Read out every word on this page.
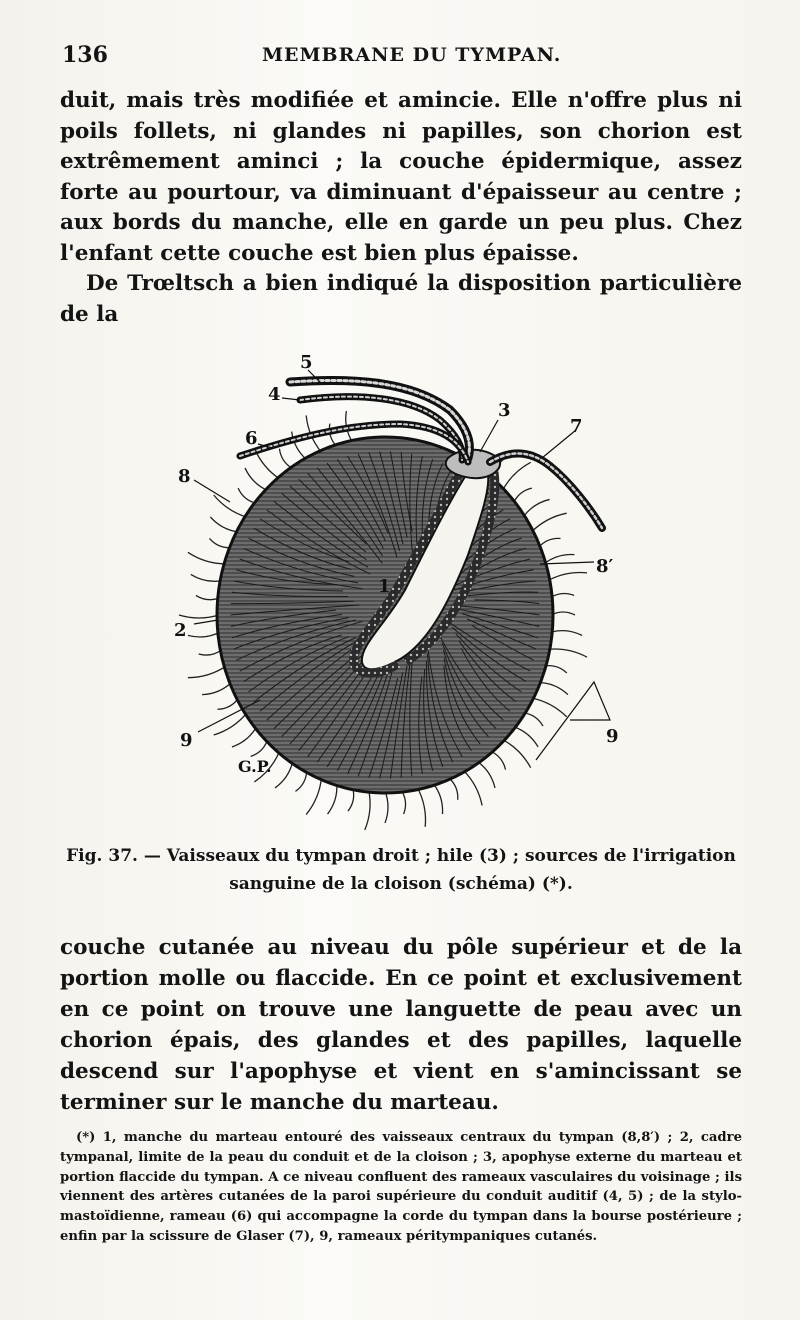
136	MEMBRANE DU TYMPAN.

duit, mais très modifiée et amincie. Elle n'offre plus ni poils follets, ni glandes ni papilles, son chorion est extrêmement aminci ; la couche épidermique, assez forte au pourtour, va diminuant d'épaisseur au centre ; aux bords du manche, elle en garde un peu plus. Chez l'enfant cette couche est bien plus épaisse.

De Trœltsch a bien indiqué la disposition particulière de la

5
4
6
3
7
8
8′
1
2
9	9
G.P.
Fig. 37. — Vaisseaux du tympan droit ; hile (3) ; sources de l'irrigation sanguine de la cloison (schéma) (*).

couche cutanée au niveau du pôle supérieur et de la portion molle ou flaccide. En ce point et exclusivement en ce point on trouve une languette de peau avec un chorion épais, des glandes et des papilles, laquelle descend sur l'apophyse et vient en s'amincissant se terminer sur le manche du marteau.

(*) 1, manche du marteau entouré des vaisseaux centraux du tympan (8,8′) ; 2, cadre tympanal, limite de la peau du conduit et de la cloison ; 3, apophyse externe du marteau et portion flaccide du tympan. A ce niveau confluent des rameaux vasculaires du voisinage ; ils viennent des artères cutanées de la paroi supérieure du conduit auditif (4, 5) ; de la stylo-mastoïdienne, rameau (6) qui accompagne la corde du tympan dans la bourse postérieure ; enfin par la scissure de Glaser (7), 9, rameaux péritympaniques cutanés.
